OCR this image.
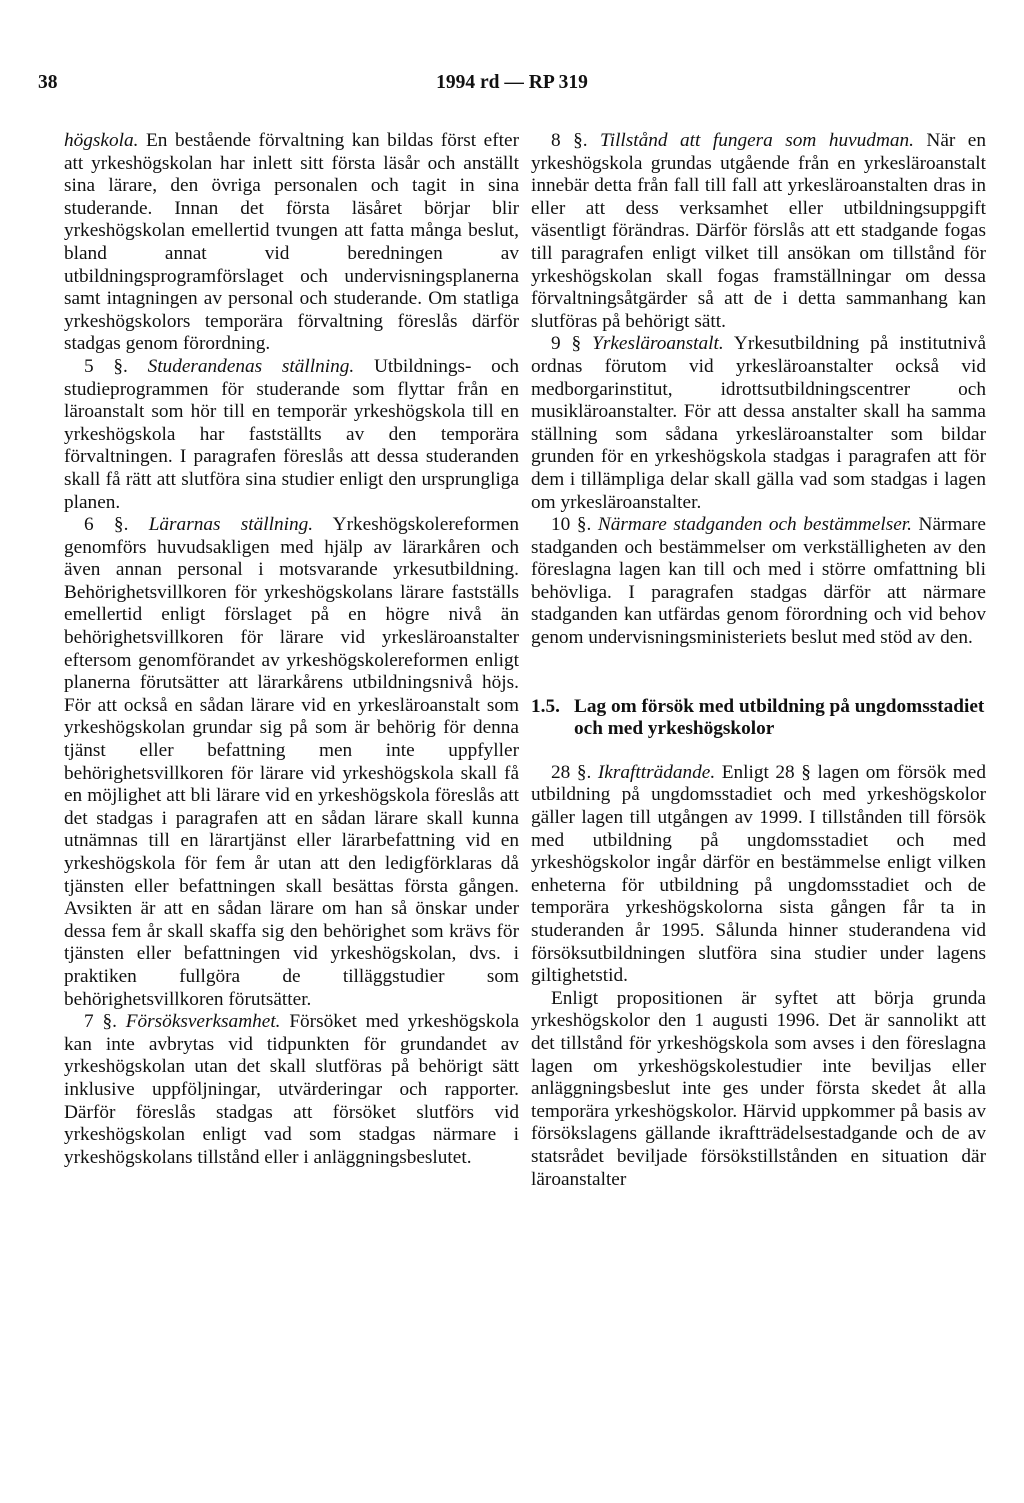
38	1994 rd — RP 319

högskola. En bestående förvaltning kan bildas först efter att yrkeshögskolan har inlett sitt första läsår och anställt sina lärare, den övriga personalen och tagit in sina studerande. Innan det första läsåret börjar blir yrkeshögskolan emellertid tvungen att fatta många beslut, bland annat vid beredningen av utbildningsprogramförslaget och undervisningsplanerna samt intagningen av personal och studerande. Om statliga yrkeshögskolors temporära förvaltning föreslås därför stadgas genom förordning.

5 §. Studerandenas ställning. Utbildnings- och studieprogrammen för studerande som flyttar från en läroanstalt som hör till en temporär yrkeshögskola till en yrkeshögskola har fastställts av den temporära förvaltningen. I paragrafen föreslås att dessa studeranden skall få rätt att slutföra sina studier enligt den ursprungliga planen.

6 §. Lärarnas ställning. Yrkeshögskolereformen genomförs huvudsakligen med hjälp av lärarkåren och även annan personal i motsvarande yrkesutbildning. Behörighetsvillkoren för yrkeshögskolans lärare fastställs emellertid enligt förslaget på en högre nivå än behörighetsvillkoren för lärare vid yrkesläroanstalter eftersom genomförandet av yrkeshögskolereformen enligt planerna förutsätter att lärarkårens utbildningsnivå höjs. För att också en sådan lärare vid en yrkesläroanstalt som yrkeshögskolan grundar sig på som är behörig för denna tjänst eller befattning men inte uppfyller behörighetsvillkoren för lärare vid yrkeshögskola skall få en möjlighet att bli lärare vid en yrkeshögskola föreslås att det stadgas i paragrafen att en sådan lärare skall kunna utnämnas till en lärartjänst eller lärarbefattning vid en yrkeshögskola för fem år utan att den ledigförklaras då tjänsten eller befattningen skall besättas första gången. Avsikten är att en sådan lärare om han så önskar under dessa fem år skall skaffa sig den behörighet som krävs för tjänsten eller befattningen vid yrkeshögskolan, dvs. i praktiken fullgöra de tilläggstudier som behörighetsvillkoren förutsätter.

7 §. Försöksverksamhet. Försöket med yrkeshögskola kan inte avbrytas vid tidpunkten för grundandet av yrkeshögskolan utan det skall slutföras på behörigt sätt inklusive uppföljningar, utvärderingar och rapporter. Därför föreslås stadgas att försöket slutförs vid yrkeshögskolan enligt vad som stadgas närmare i yrkeshögskolans tillstånd eller i anläggningsbeslutet.

8 §. Tillstånd att fungera som huvudman. När en yrkeshögskola grundas utgående från en yrkesläroanstalt innebär detta från fall till fall att yrkesläroanstalten dras in eller att dess verksamhet eller utbildningsuppgift väsentligt förändras. Därför förslås att ett stadgande fogas till paragrafen enligt vilket till ansökan om tillstånd för yrkeshögskolan skall fogas framställningar om dessa förvaltningsåtgärder så att de i detta sammanhang kan slutföras på behörigt sätt.

9 § Yrkesläroanstalt. Yrkesutbildning på institutnivå ordnas förutom vid yrkesläroanstalter också vid medborgarinstitut, idrottsutbildningscentrer och musikläroanstalter. För att dessa anstalter skall ha samma ställning som sådana yrkesläroanstalter som bildar grunden för en yrkeshögskola stadgas i paragrafen att för dem i tillämpliga delar skall gälla vad som stadgas i lagen om yrkesläroanstalter.

10 §. Närmare stadganden och bestämmelser. Närmare stadganden och bestämmelser om verkställigheten av den föreslagna lagen kan till och med i större omfattning bli behövliga. I paragrafen stadgas därför att närmare stadganden kan utfärdas genom förordning och vid behov genom undervisningsministeriets beslut med stöd av den.

1.5. Lag om försök med utbildning på ungdomsstadiet och med yrkeshögskolor

28 §. Ikraftträdande. Enligt 28 § lagen om försök med utbildning på ungdomsstadiet och med yrkeshögskolor gäller lagen till utgången av 1999. I tillstånden till försök med utbildning på ungdomsstadiet och med yrkeshögskolor ingår därför en bestämmelse enligt vilken enheterna för utbildning på ungdomsstadiet och de temporära yrkeshögskolorna sista gången får ta in studeranden år 1995. Sålunda hinner studerandena vid försöksutbildningen slutföra sina studier under lagens giltighetstid.

Enligt propositionen är syftet att börja grunda yrkeshögskolor den 1 augusti 1996. Det är sannolikt att det tillstånd för yrkeshögskola som avses i den föreslagna lagen om yrkeshögskolestudier inte beviljas eller anläggningsbeslut inte ges under första skedet åt alla temporära yrkeshögskolor. Härvid uppkommer på basis av försökslagens gällande ikraftträdelsestadgande och de av statsrådet beviljade försökstillstånden en situation där läroanstalter
